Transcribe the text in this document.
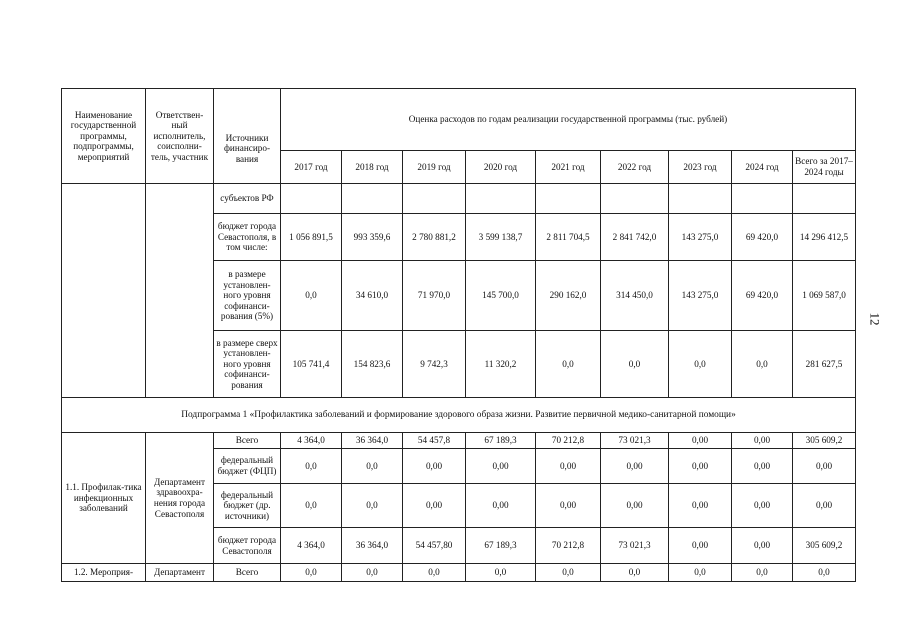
Наименование государственной программы, подпрограммы, мероприятий	Ответствен-ный исполнитель, соисполни-тель, участник	Источники финансиро-вания	Оценка расходов по годам реализации государственной программы (тыс. рублей)								
			2017 год	2018 год	2019 год	2020 год	2021 год	2022 год	2023 год	2024 год	Всего за 2017–2024 годы
		субъектов РФ									
		бюджет города Севастополя, в том числе:	1 056 891,5	993 359,6	2 780 881,2	3 599 138,7	2 811 704,5	2 841 742,0	143 275,0	69 420,0	14 296 412,5
		в размере установлен-ного уровня софинанси-рования (5%)	0,0	34 610,0	71 970,0	145 700,0	290 162,0	314 450,0	143 275,0	69 420,0	1 069 587,0
		в размере сверх установлен-ного уровня софинанси-рования	105 741,4	154 823,6	9 742,3	11 320,2	0,0	0,0	0,0	0,0	281 627,5
Подпрограмма 1 «Профилактика заболеваний и формирование здорового образа жизни. Развитие первичной медико-санитарной помощи»											
1.1. Профилак-тика инфекционных заболеваний	Департамент здравоохра-нения города Севастополя	Всего	4 364,0	36 364,0	54 457,8	67 189,3	70 212,8	73 021,3	0,00	0,00	305 609,2
		федеральный бюджет (ФЦП)	0,0	0,0	0,00	0,00	0,00	0,00	0,00	0,00	0,00
		федеральный бюджет (др. источники)	0,0	0,0	0,00	0,00	0,00	0,00	0,00	0,00	0,00
		бюджет города Севастополя	4 364,0	36 364,0	54 457,80	67 189,3	70 212,8	73 021,3	0,00	0,00	305 609,2
1.2. Мероприя-	Департамент	Всего	0,0	0,0	0,0	0,0	0,0	0,0	0,0	0,0	0,0
12
